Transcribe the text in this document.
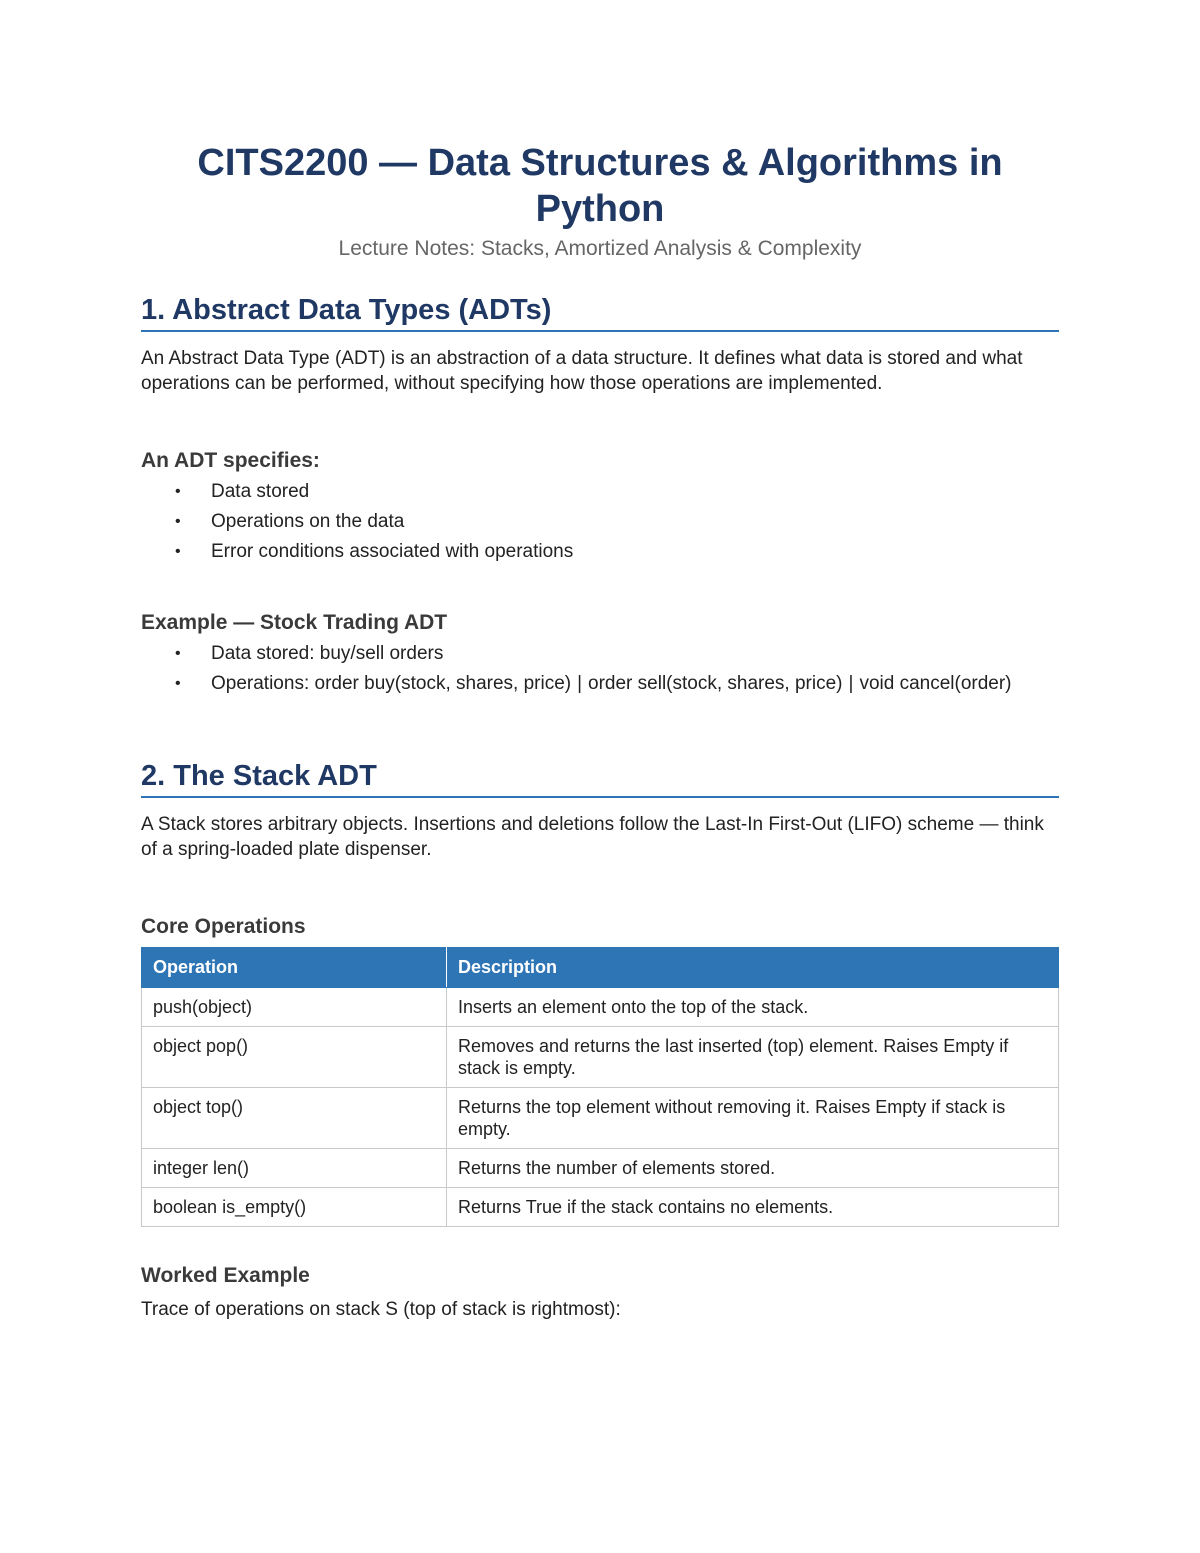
CITS2200 — Data Structures & Algorithms in Python

Lecture Notes: Stacks, Amortized Analysis & Complexity

1. Abstract Data Types (ADTs)

An Abstract Data Type (ADT) is an abstraction of a data structure. It defines what data is stored and what operations can be performed, without specifying how those operations are implemented.

An ADT specifies:
• Data stored
• Operations on the data
• Error conditions associated with operations
Example — Stock Trading ADT
• Data stored: buy/sell orders
• Operations: order buy(stock, shares, price) | order sell(stock, shares, price) | void cancel(order)
2. The Stack ADT

A Stack stores arbitrary objects. Insertions and deletions follow the Last-In First-Out (LIFO) scheme — think of a spring-loaded plate dispenser.

Core Operations
Operation	Description
push(object)	Inserts an element onto the top of the stack.
object pop()	Removes and returns the last inserted (top) element. Raises Empty if stack is empty.
object top()	Returns the top element without removing it. Raises Empty if stack is empty.
integer len()	Returns the number of elements stored.
boolean is_empty()	Returns True if the stack contains no elements.
Worked Example

Trace of operations on stack S (top of stack is rightmost):
